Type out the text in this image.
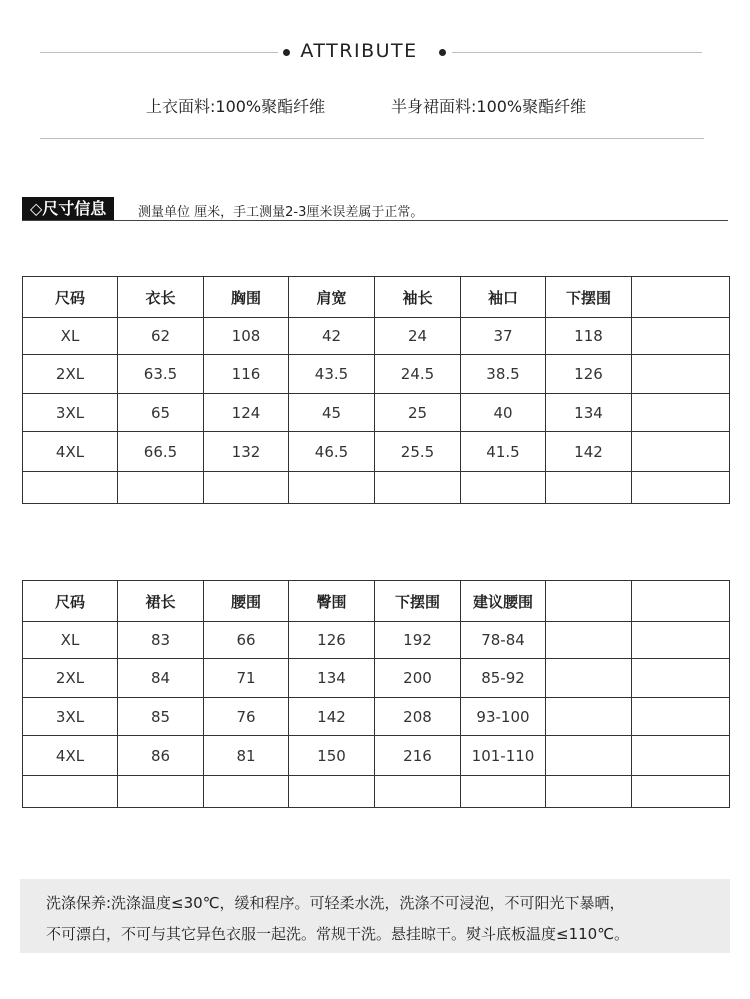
ATTRIBUTE
上衣面料:100%聚酯纤维	半身裙面料:100%聚酯纤维
◇尺寸信息	测量单位 厘米，手工测量2-3厘米误差属于正常。
尺码	衣长	胸围	肩宽	袖长	袖口	下摆围	
XL	62	108	42	24	37	118	
2XL	63.5	116	43.5	24.5	38.5	126	
3XL	65	124	45	25	40	134	
4XL	66.5	132	46.5	25.5	41.5	142	

尺码	裙长	腰围	臀围	下摆围	建议腰围		
XL	83	66	126	192	78-84		
2XL	84	71	134	200	85-92		
3XL	85	76	142	208	93-100		
4XL	86	81	150	216	101-110		

洗涤保养:洗涤温度≤30℃，缓和程序。可轻柔水洗，洗涤不可浸泡，不可阳光下暴晒，
不可漂白，不可与其它异色衣服一起洗。常规干洗。悬挂晾干。熨斗底板温度≤110℃。
